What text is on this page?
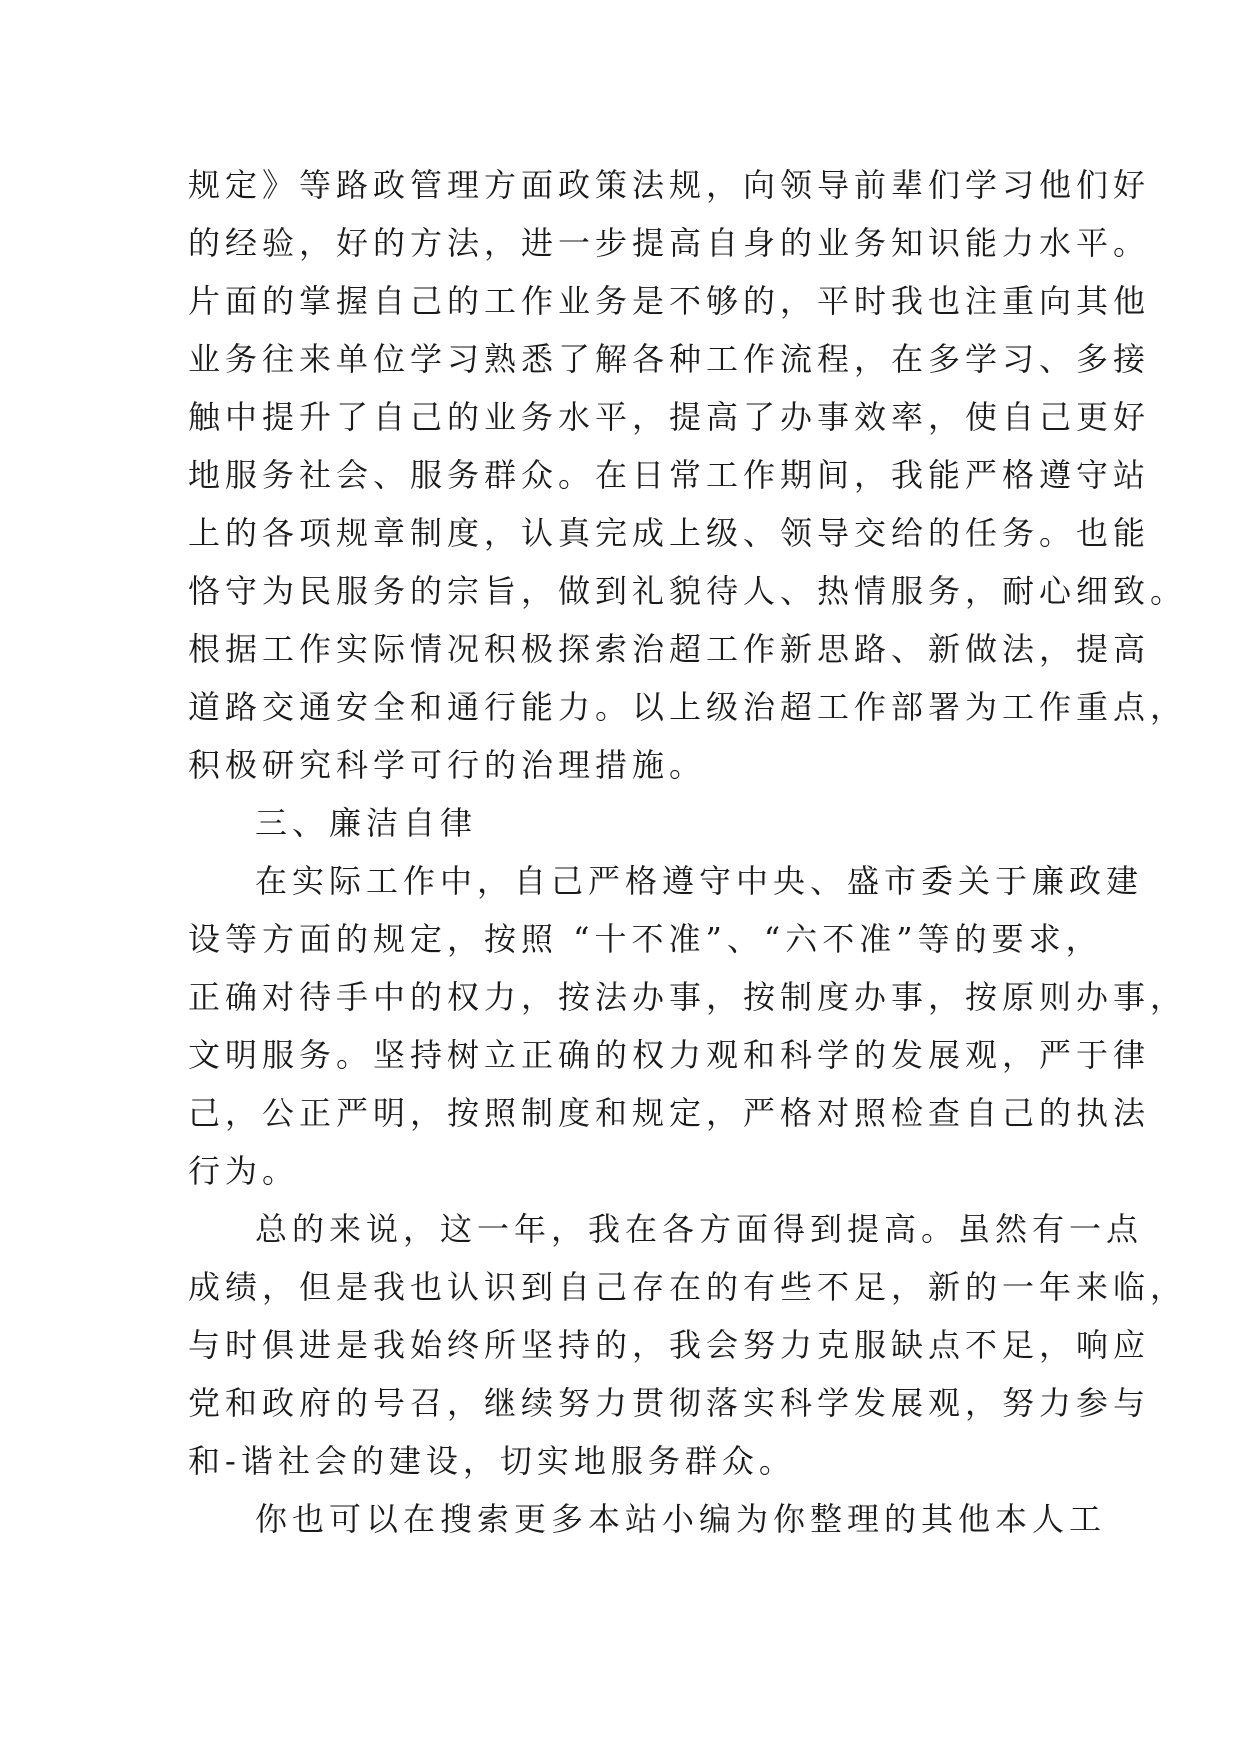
规定》等路政管理方面政策法规，向领导前辈们学习他们好
的经验，好的方法，进一步提高自身的业务知识能力水平。
片面的掌握自己的工作业务是不够的，平时我也注重向其他
业务往来单位学习熟悉了解各种工作流程，在多学习、多接
触中提升了自己的业务水平，提高了办事效率，使自己更好
地服务社会、服务群众。在日常工作期间，我能严格遵守站
上的各项规章制度，认真完成上级、领导交给的任务。也能
恪守为民服务的宗旨，做到礼貌待人、热情服务，耐心细致。
根据工作实际情况积极探索治超工作新思路、新做法，提高
道路交通安全和通行能力。以上级治超工作部署为工作重点，
积极研究科学可行的治理措施。
三、廉洁自律
在实际工作中，自己严格遵守中央、盛市委关于廉政建
设等方面的规定，按照 “十不准”、“六不准”等的要求，
正确对待手中的权力，按法办事，按制度办事，按原则办事，
文明服务。坚持树立正确的权力观和科学的发展观，严于律
己，公正严明，按照制度和规定，严格对照检查自己的执法
行为。
总的来说，这一年，我在各方面得到提高。虽然有一点
成绩，但是我也认识到自己存在的有些不足，新的一年来临，
与时俱进是我始终所坚持的，我会努力克服缺点不足，响应
党和政府的号召，继续努力贯彻落实科学发展观，努力参与
和-谐社会的建设，切实地服务群众。
你也可以在搜索更多本站小编为你整理的其他本人工
